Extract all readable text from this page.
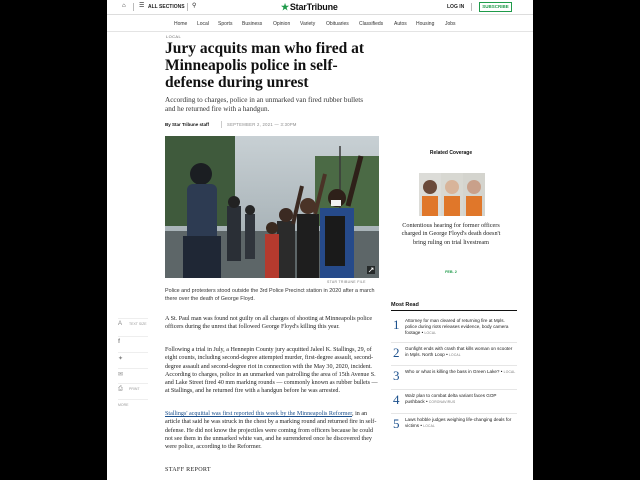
⌂ ☰ ALL SECTIONS ⚲	★StarTribune	LOG IN	SUBSCRIBE
Home Local Sports Business Opinion Variety Obituaries Classifieds Autos Housing Jobs
LOCAL
Jury acquits man who fired at Minneapolis police in self-defense during unrest
According to charges, police in an unmarked van fired rubber bullets and he returned fire with a handgun.
By Star Tribune staff	SEPTEMBER 2, 2021 — 3:30PM
STAR TRIBUNE FILE
Police and protesters stood outside the 3rd Police Precinct station in 2020 after a march there over the death of George Floyd.
A TEXT SIZE
f
✦
✉
⎙ PRINT
MORE

A St. Paul man was found not guilty on all charges of shooting at Minneapolis police officers during the unrest that followed George Floyd's killing this year.

Following a trial in July, a Hennepin County jury acquitted Jaleel K. Stallings, 29, of eight counts, including second-degree attempted murder, first-degree assault, second-degree assault and second-degree riot in connection with the May 30, 2020, incident. According to charges, police in an unmarked van patrolling the area of 15th Avenue S. and Lake Street fired 40 mm marking rounds — commonly known as rubber bullets — at Stallings, and he returned fire with a handgun before he was arrested.

Stallings' acquittal was first reported this week by the Minneapolis Reformer, in an article that said he was struck in the chest by a marking round and returned fire in self-defense. He did not know the projectiles were coming from officers because he could not see them in the unmarked white van, and he surrendered once he discovered they were police, according to the Reformer.

STAFF REPORT
Related Coverage
Contentious hearing for former officers charged in George Floyd's death doesn't bring ruling on trial livestream
FEB. 2
Most Read
1 Attorney for man cleared of returning fire at Mpls. police during riots releases evidence, body camera footage • LOCAL
2 Gunfight ends with crash that kills woman on scooter in Mpls. North Loop • LOCAL
3 Who or what is killing the bass in Green Lake? • LOCAL
4 Walz plan to combat delta variant faces GOP pushback • CORONAVIRUS
5 Laws hobble judges weighing life-changing deals for victims • LOCAL
